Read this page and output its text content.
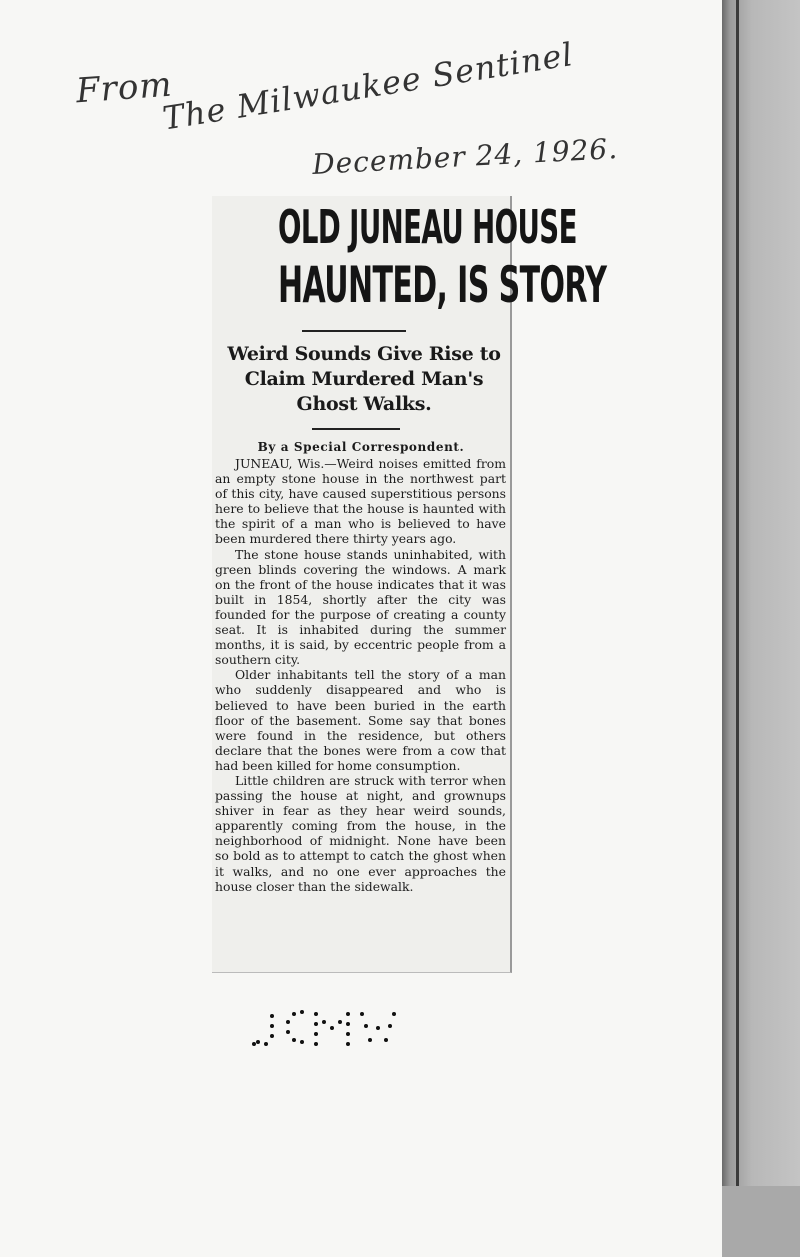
From
The Milwaukee Sentinel
December 24, 1926.
OLD JUNEAU HOUSE
HAUNTED, IS STORY
Weird Sounds Give Rise to
Claim Murdered Man's
Ghost Walks.
By a Special Correspondent.

JUNEAU, Wis.—Weird noises emitted from an empty stone house in the northwest part of this city, have caused superstitious persons here to believe that the house is haunted with the spirit of a man who is believed to have been murdered there thirty years ago.

The stone house stands uninhabited, with green blinds covering the windows. A mark on the front of the house indicates that it was built in 1854, shortly after the city was founded for the purpose of creating a county seat. It is inhabited during the summer months, it is said, by eccentric people from a southern city.

Older inhabitants tell the story of a man who suddenly disappeared and who is believed to have been buried in the earth floor of the basement. Some say that bones were found in the residence, but others declare that the bones were from a cow that had been killed for home consumption.

Little children are struck with terror when passing the house at night, and grownups shiver in fear as they hear weird sounds, apparently coming from the house, in the neighborhood of midnight. None have been so bold as to attempt to catch the ghost when it walks, and no one ever approaches the house closer than the sidewalk.
